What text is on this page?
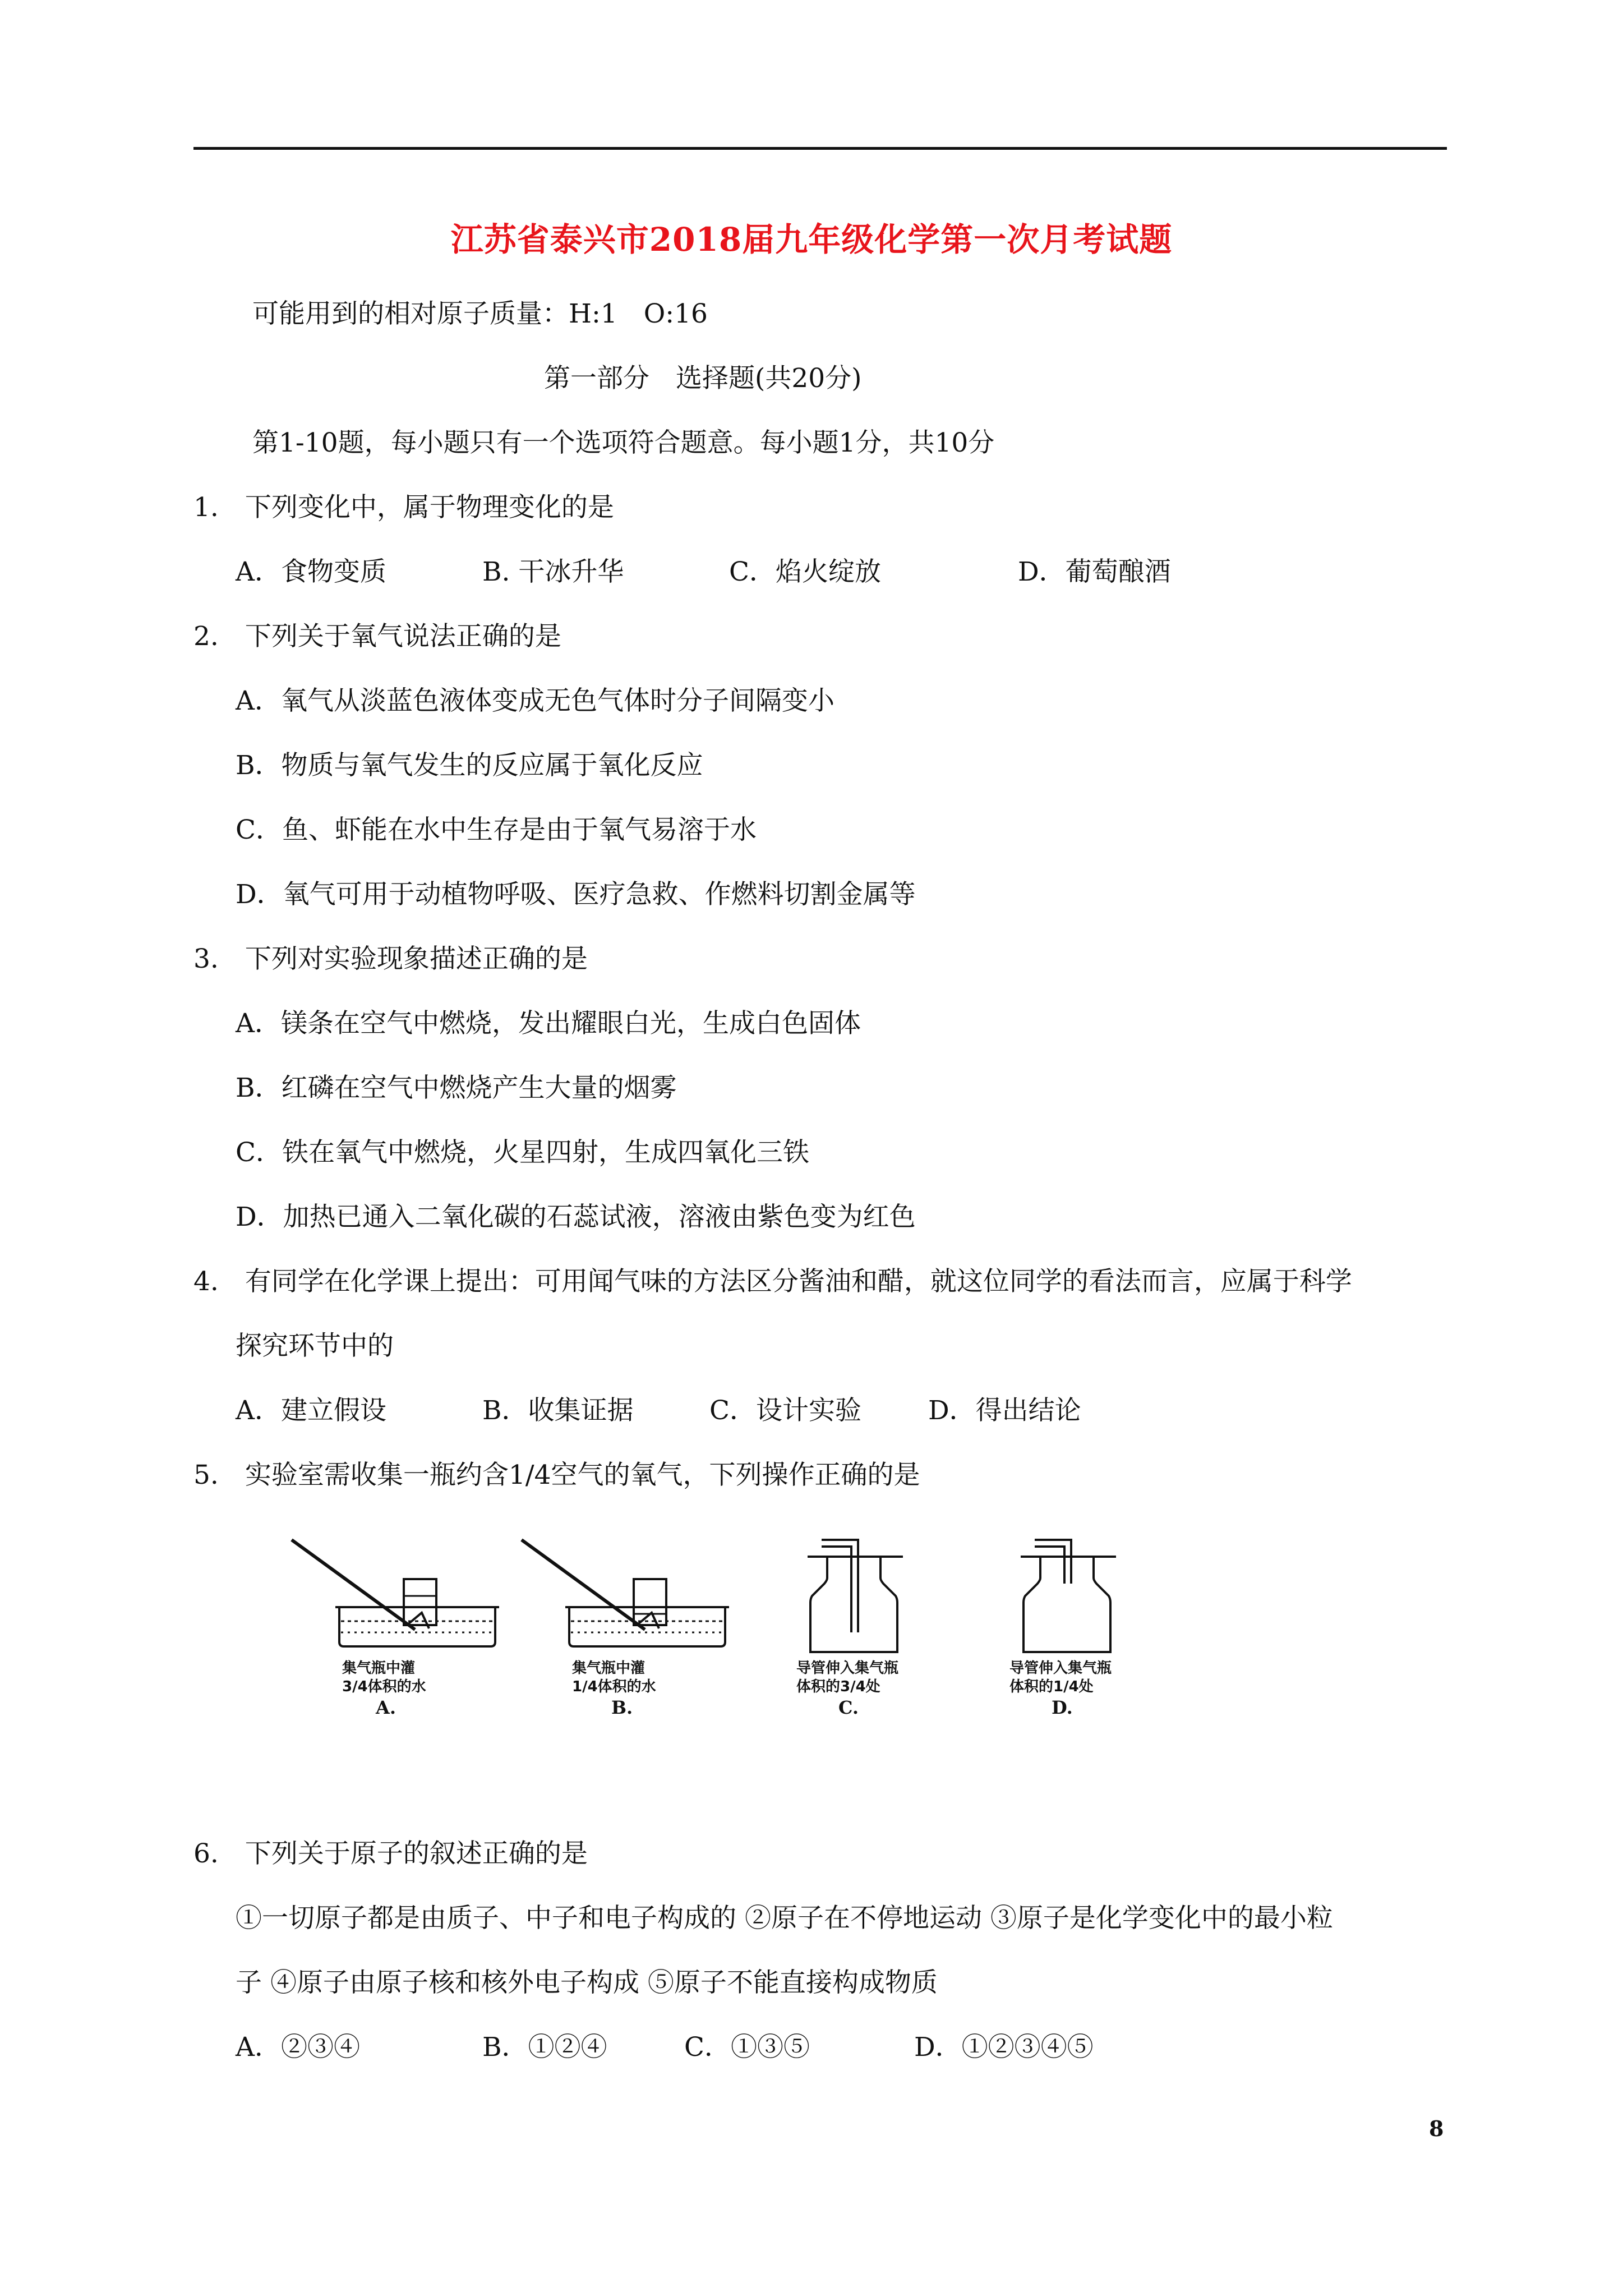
江苏省泰兴市2018届九年级化学第一次月考试题
可能用到的相对原子质量：H:1　O:16
第一部分　选择题(共20分)
第1-10题，每小题只有一个选项符合题意。每小题1分，共10分
1.　下列变化中，属于物理变化的是
A．食物变质	B. 干冰升华	C．焰火绽放	D．葡萄酿酒
2.　下列关于氧气说法正确的是
A．氧气从淡蓝色液体变成无色气体时分子间隔变小
B．物质与氧气发生的反应属于氧化反应
C．鱼、虾能在水中生存是由于氧气易溶于水
D．氧气可用于动植物呼吸、医疗急救、作燃料切割金属等
3.　下列对实验现象描述正确的是
A．镁条在空气中燃烧，发出耀眼白光，生成白色固体
B．红磷在空气中燃烧产生大量的烟雾
C．铁在氧气中燃烧，火星四射，生成四氧化三铁
D．加热已通入二氧化碳的石蕊试液，溶液由紫色变为红色
4.　有同学在化学课上提出：可用闻气味的方法区分酱油和醋，就这位同学的看法而言，应属于科学
探究环节中的
A．建立假设	B．收集证据	C．设计实验	D．得出结论
5.　实验室需收集一瓶约含1/4空气的氧气，下列操作正确的是
集气瓶中灌
3/4体积的水
A.
集气瓶中灌
1/4体积的水
B.
导管伸入集气瓶
体积的3/4处
C.
导管伸入集气瓶
体积的1/4处
D.
6.　下列关于原子的叙述正确的是
①一切原子都是由质子、中子和电子构成的 ②原子在不停地运动 ③原子是化学变化中的最小粒
子 ④原子由原子核和核外电子构成 ⑤原子不能直接构成物质
A．②③④	B．①②④	C．①③⑤	D．①②③④⑤
8
